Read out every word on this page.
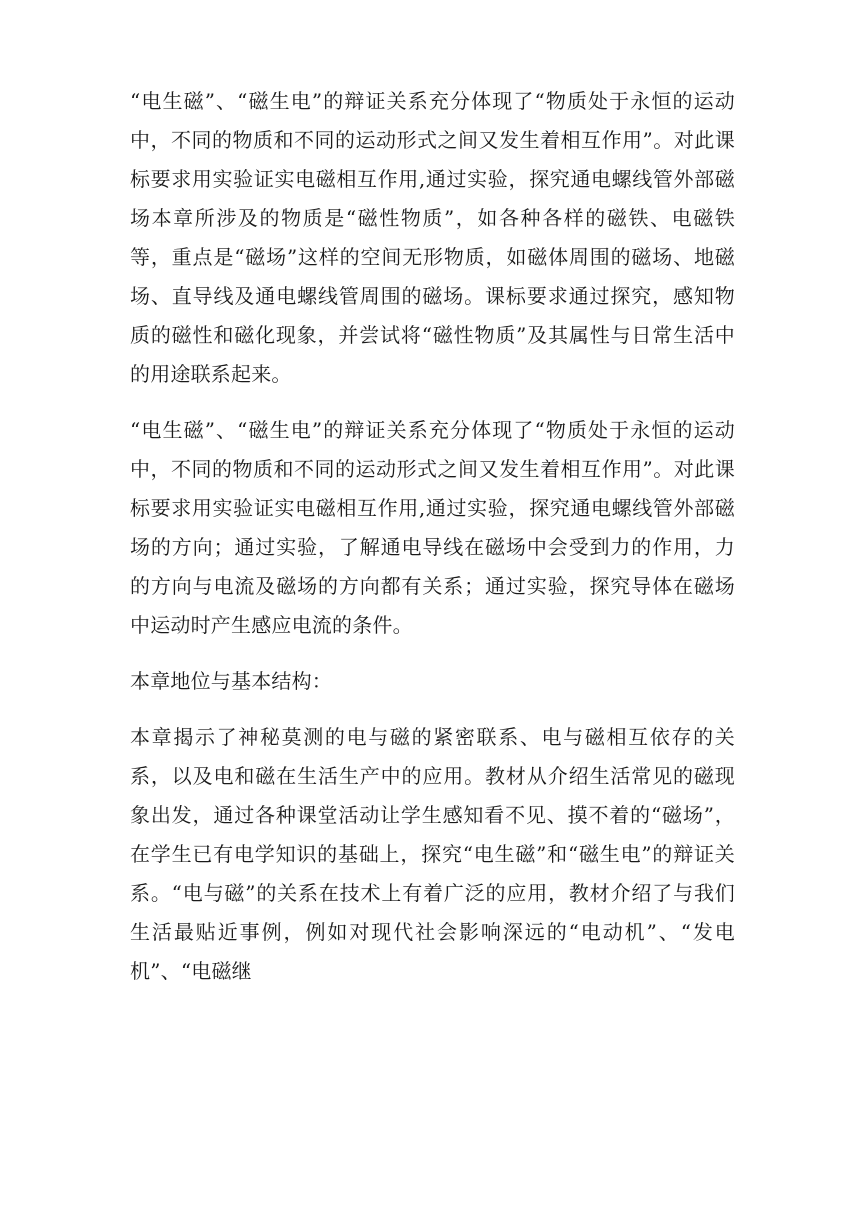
“电生磁”、“磁生电”的辩证关系充分体现了“物质处于永恒的运动中，不同的物质和不同的运动形式之间又发生着相互作用”。对此课标要求用实验证实电磁相互作用,通过实验，探究通电螺线管外部磁场本章所涉及的物质是“磁性物质”，如各种各样的磁铁、电磁铁等，重点是“磁场”这样的空间无形物质，如磁体周围的磁场、地磁场、直导线及通电螺线管周围的磁场。课标要求通过探究，感知物质的磁性和磁化现象，并尝试将“磁性物质”及其属性与日常生活中的用途联系起来。

“电生磁”、“磁生电”的辩证关系充分体现了“物质处于永恒的运动中，不同的物质和不同的运动形式之间又发生着相互作用”。对此课标要求用实验证实电磁相互作用,通过实验，探究通电螺线管外部磁场的方向；通过实验，了解通电导线在磁场中会受到力的作用，力的方向与电流及磁场的方向都有关系；通过实验，探究导体在磁场中运动时产生感应电流的条件。

本章地位与基本结构：

本章揭示了神秘莫测的电与磁的紧密联系、电与磁相互依存的关系，以及电和磁在生活生产中的应用。教材从介绍生活常见的磁现象出发，通过各种课堂活动让学生感知看不见、摸不着的“磁场”，在学生已有电学知识的基础上，探究“电生磁”和“磁生电”的辩证关系。“电与磁”的关系在技术上有着广泛的应用，教材介绍了与我们生活最贴近事例，例如对现代社会影响深远的“电动机”、“发电机”、“电磁继
